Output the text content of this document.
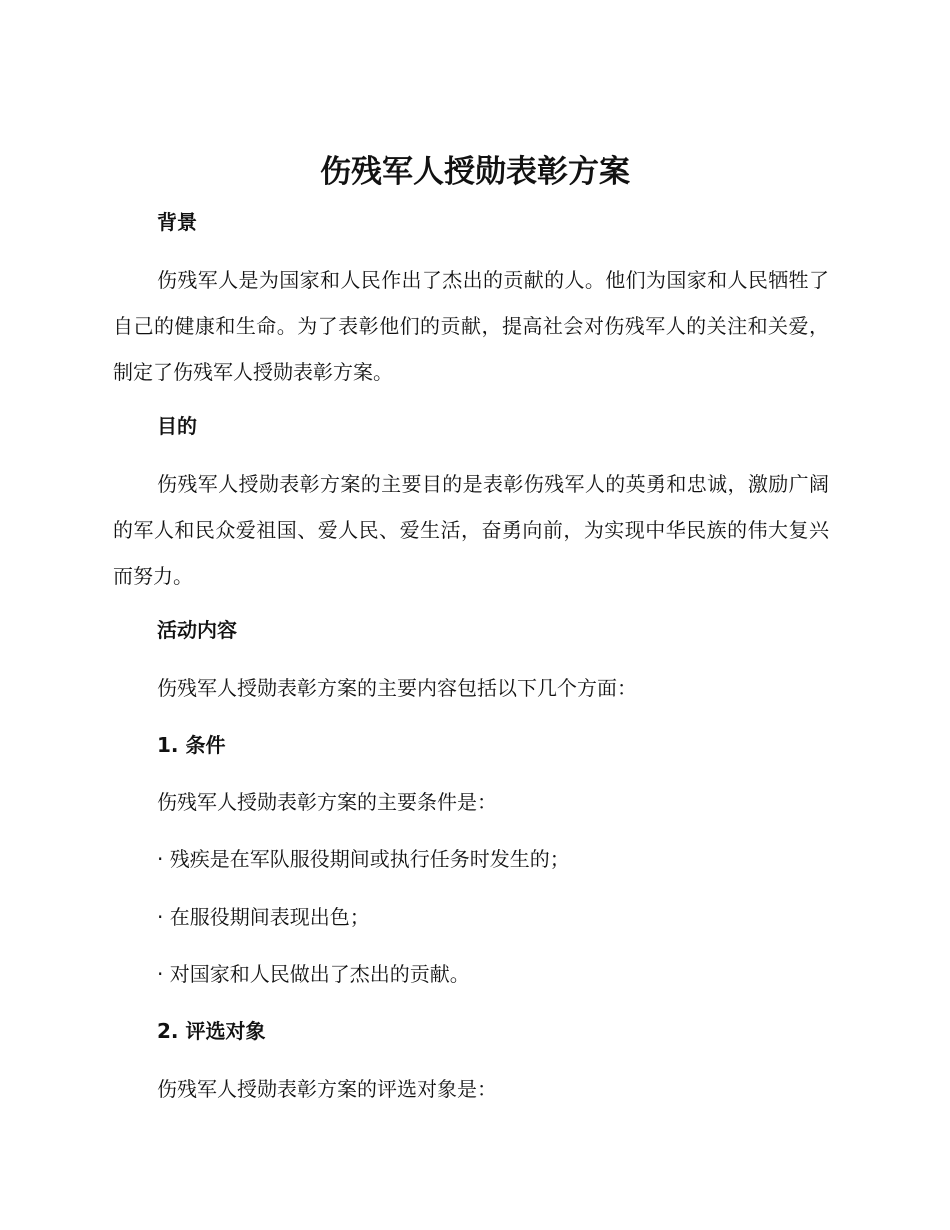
伤残军人授勋表彰方案
背景

伤残军人是为国家和人民作出了杰出的贡献的人。他们为国家和人民牺牲了自己的健康和生命。为了表彰他们的贡献，提高社会对伤残军人的关注和关爱，制定了伤残军人授勋表彰方案。

目的

伤残军人授勋表彰方案的主要目的是表彰伤残军人的英勇和忠诚，激励广阔的军人和民众爱祖国、爱人民、爱生活，奋勇向前，为实现中华民族的伟大复兴而努力。

活动内容

伤残军人授勋表彰方案的主要内容包括以下几个方面：

1. 条件

伤残军人授勋表彰方案的主要条件是：

· 残疾是在军队服役期间或执行任务时发生的；

· 在服役期间表现出色；

· 对国家和人民做出了杰出的贡献。

2. 评选对象

伤残军人授勋表彰方案的评选对象是：
